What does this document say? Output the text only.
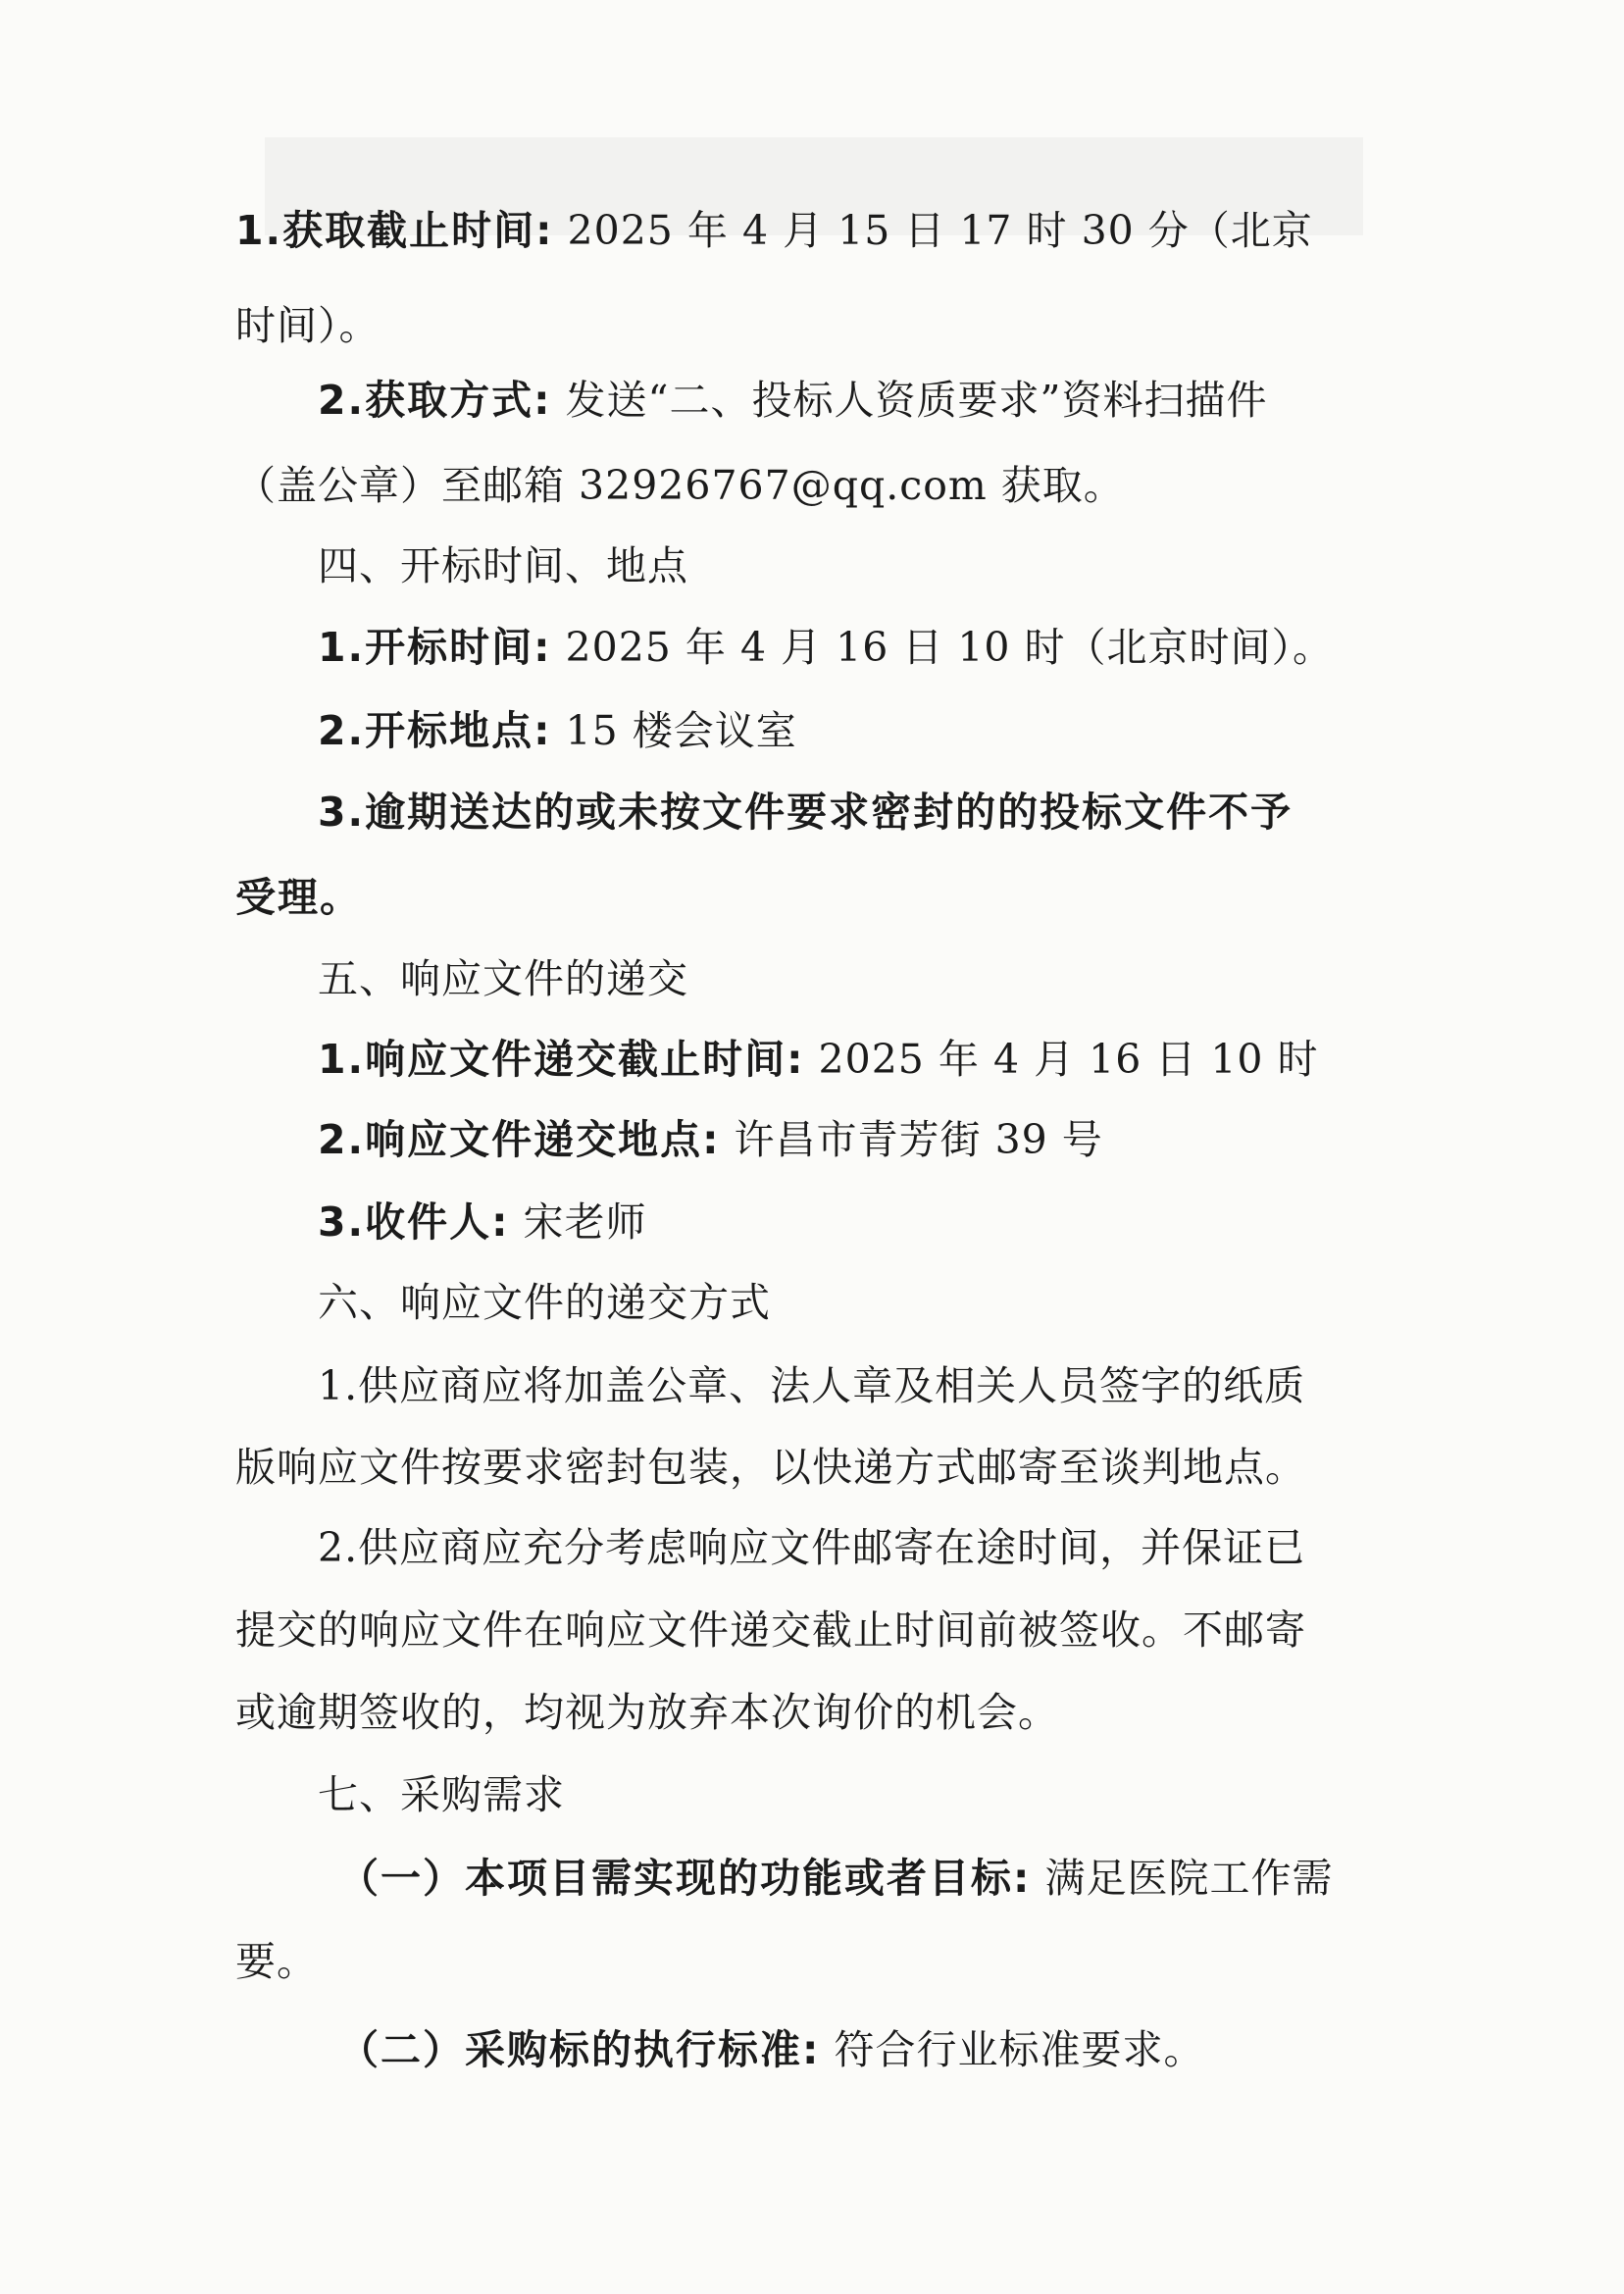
1.获取截止时间: 2025 年 4 月 15 日 17 时 30 分（北京
时间）。
2.获取方式: 发送“二、投标人资质要求”资料扫描件
（盖公章）至邮箱 32926767@qq.com 获取。
四、开标时间、地点
1.开标时间: 2025 年 4 月 16 日 10 时（北京时间）。
2.开标地点: 15 楼会议室
3.逾期送达的或未按文件要求密封的的投标文件不予
受理。
五、响应文件的递交
1.响应文件递交截止时间: 2025 年 4 月 16 日 10 时
2.响应文件递交地点: 许昌市青芳街 39 号
3.收件人: 宋老师
六、响应文件的递交方式
1.供应商应将加盖公章、法人章及相关人员签字的纸质
版响应文件按要求密封包装，以快递方式邮寄至谈判地点。
2.供应商应充分考虑响应文件邮寄在途时间，并保证已
提交的响应文件在响应文件递交截止时间前被签收。不邮寄
或逾期签收的，均视为放弃本次询价的机会。
七、采购需求
（一）本项目需实现的功能或者目标: 满足医院工作需
要。
（二）采购标的执行标准: 符合行业标准要求。
